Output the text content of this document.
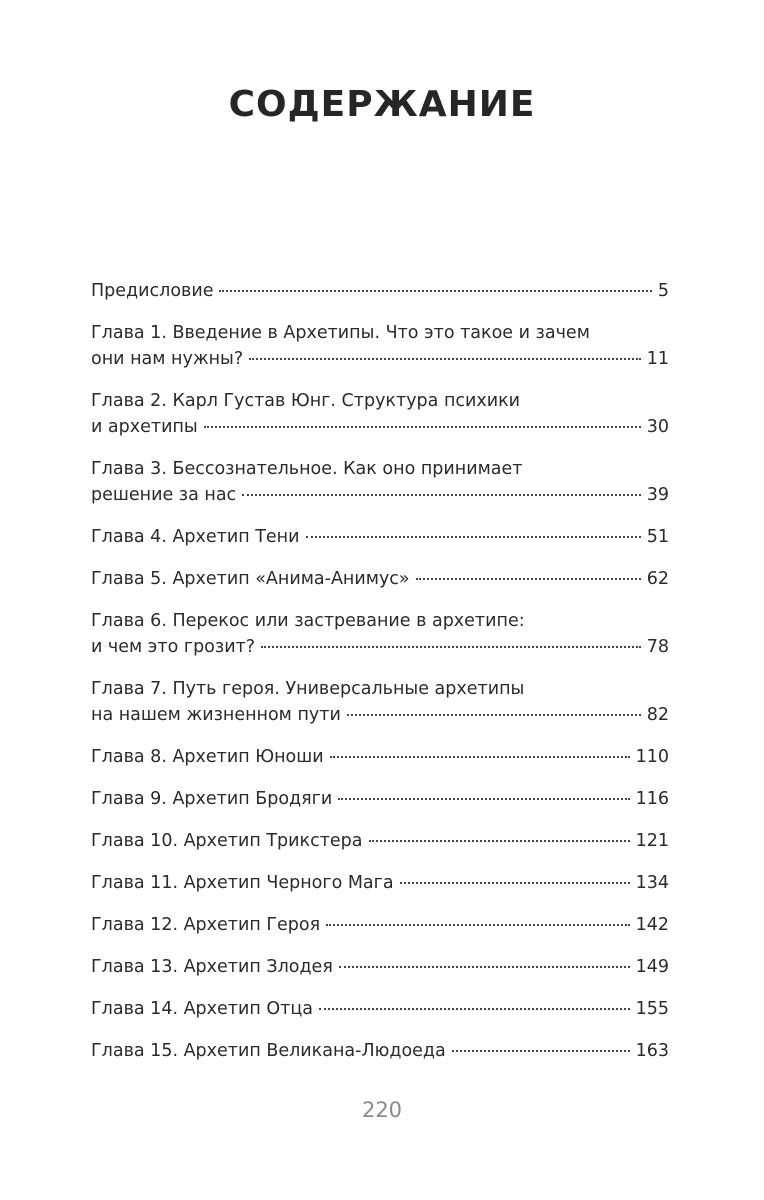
СОДЕРЖАНИЕ
Предисловие	5
Глава 1. Введение в Архетипы. Что это такое и зачем
они нам нужны?	11
Глава 2. Карл Густав Юнг. Структура психики
и архетипы	30
Глава 3. Бессознательное. Как оно принимает
решение за нас	39
Глава 4. Архетип Тени	51
Глава 5. Архетип «Анима-Анимус»	62
Глава 6. Перекос или застревание в архетипе:
и чем это грозит?	78
Глава 7. Путь героя. Универсальные архетипы
на нашем жизненном пути	82
Глава 8. Архетип Юноши	110
Глава 9. Архетип Бродяги	116
Глава 10. Архетип Трикстера	121
Глава 11. Архетип Черного Мага	134
Глава 12. Архетип Героя	142
Глава 13. Архетип Злодея	149
Глава 14. Архетип Отца	155
Глава 15. Архетип Великана-Людоеда	163
220
